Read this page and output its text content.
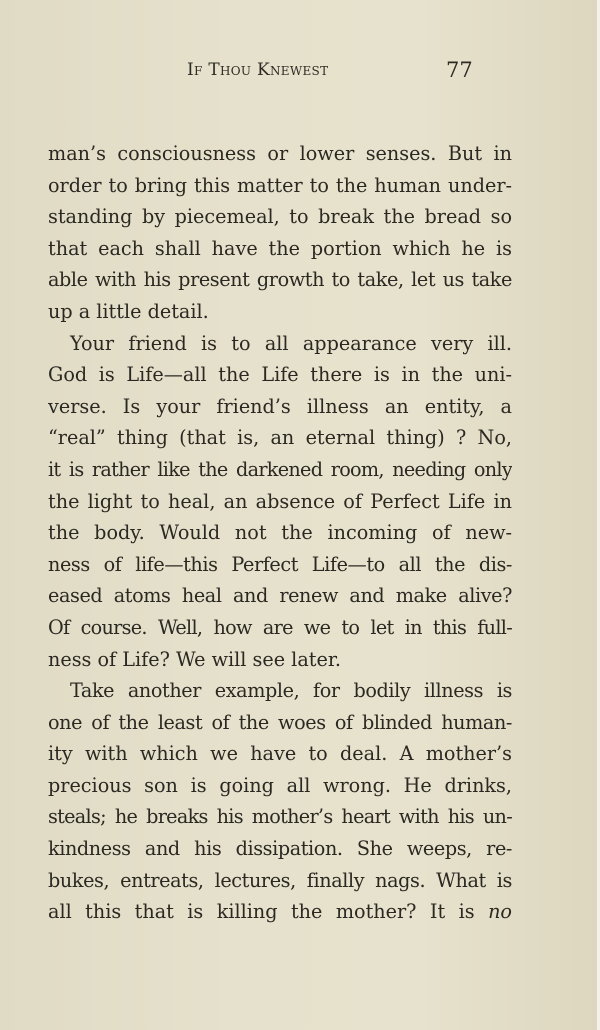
If Thou Knewest	77
man’s consciousness or lower senses. But in
order to bring this matter to the human under-
standing by piecemeal, to break the bread so
that each shall have the portion which he is
able with his present growth to take, let us take
up a little detail.
Your friend is to all appearance very ill.
God is Life—all the Life there is in the uni-
verse. Is your friend’s illness an entity, a
“real” thing (that is, an eternal thing) ? No,
it is rather like the darkened room, needing only
the light to heal, an absence of Perfect Life in
the body. Would not the incoming of new-
ness of life—this Perfect Life—to all the dis-
eased atoms heal and renew and make alive?
Of course. Well, how are we to let in this full-
ness of Life? We will see later.
Take another example, for bodily illness is
one of the least of the woes of blinded human-
ity with which we have to deal. A mother’s
precious son is going all wrong. He drinks,
steals; he breaks his mother’s heart with his un-
kindness and his dissipation. She weeps, re-
bukes, entreats, lectures, finally nags. What is
all this that is killing the mother? It is no
